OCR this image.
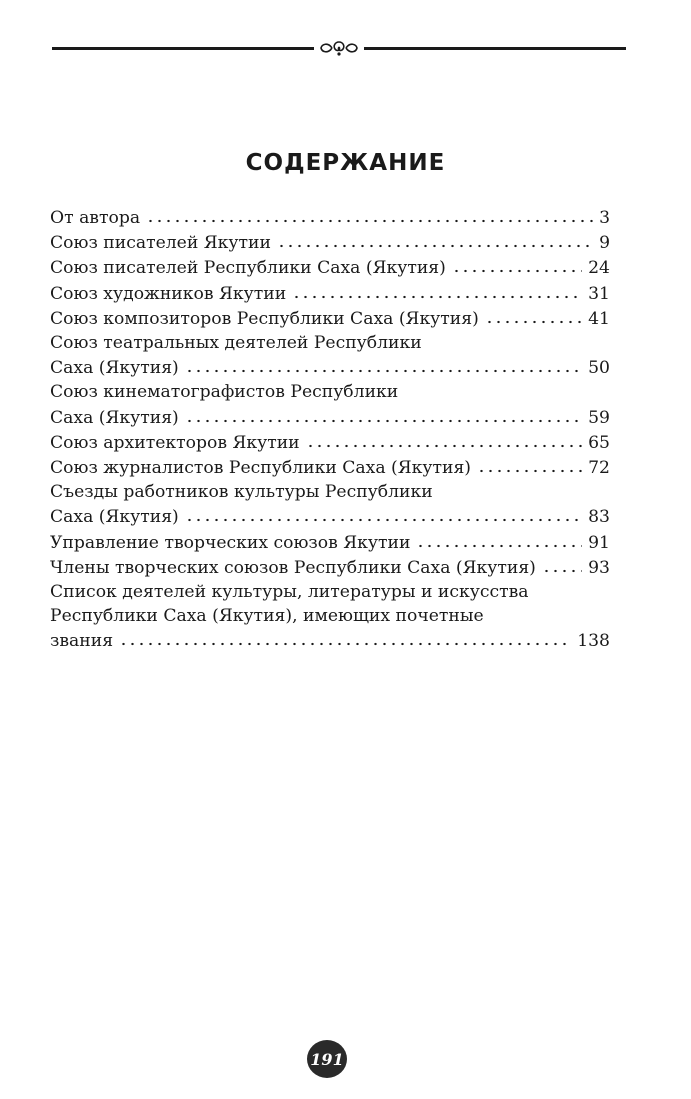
СОДЕРЖАНИЕ
От автора	3
Союз писателей Якутии	9
Союз писателей Республики Саха (Якутия)	24
Союз художников Якутии	31
Союз композиторов Республики Саха (Якутия)	41
Союз театральных деятелей Республики
Саха (Якутия)	50
Союз кинематографистов Республики
Саха (Якутия)	59
Союз архитекторов Якутии	65
Союз журналистов Республики Саха (Якутия)	72
Съезды работников культуры Республики
Саха (Якутия)	83
Управление творческих союзов Якутии	91
Члены творческих союзов Республики Саха (Якутия)	93
Список деятелей культуры, литературы и искусства
Республики Саха (Якутия), имеющих почетные
звания	138
191
